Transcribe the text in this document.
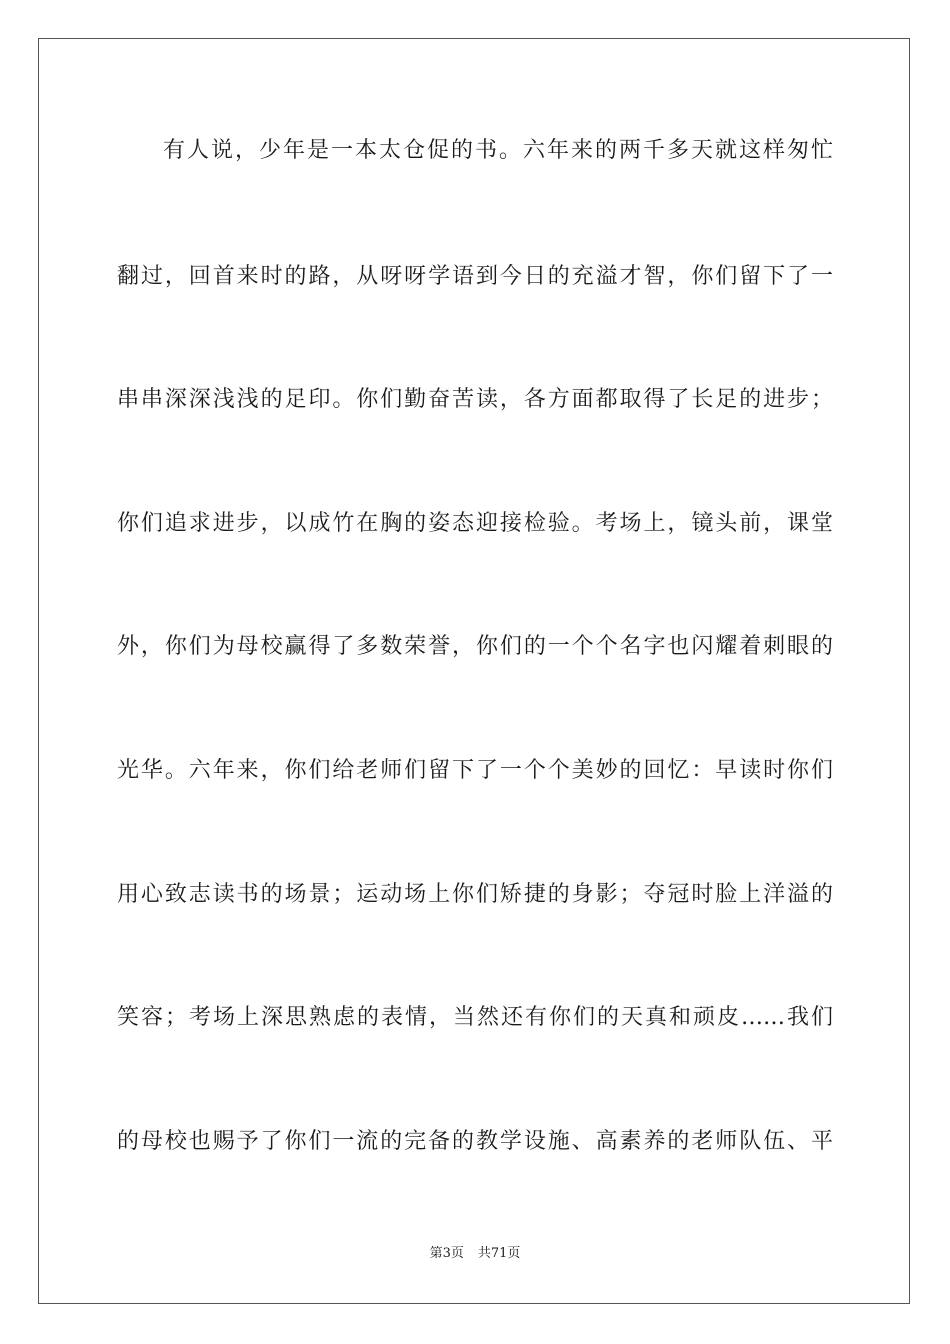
有人说，少年是一本太仓促的书。六年来的两千多天就这样匆忙
翻过，回首来时的路，从呀呀学语到今日的充溢才智，你们留下了一
串串深深浅浅的足印。你们勤奋苦读，各方面都取得了长足的进步；
你们追求进步，以成竹在胸的姿态迎接检验。考场上，镜头前，课堂
外，你们为母校赢得了多数荣誉，你们的一个个名字也闪耀着刺眼的
光华。六年来，你们给老师们留下了一个个美妙的回忆：早读时你们
用心致志读书的场景；运动场上你们矫捷的身影；夺冠时脸上洋溢的
笑容；考场上深思熟虑的表情，当然还有你们的天真和顽皮……我们
的母校也赐予了你们一流的完备的教学设施、高素养的老师队伍、平
第3页 共71页
